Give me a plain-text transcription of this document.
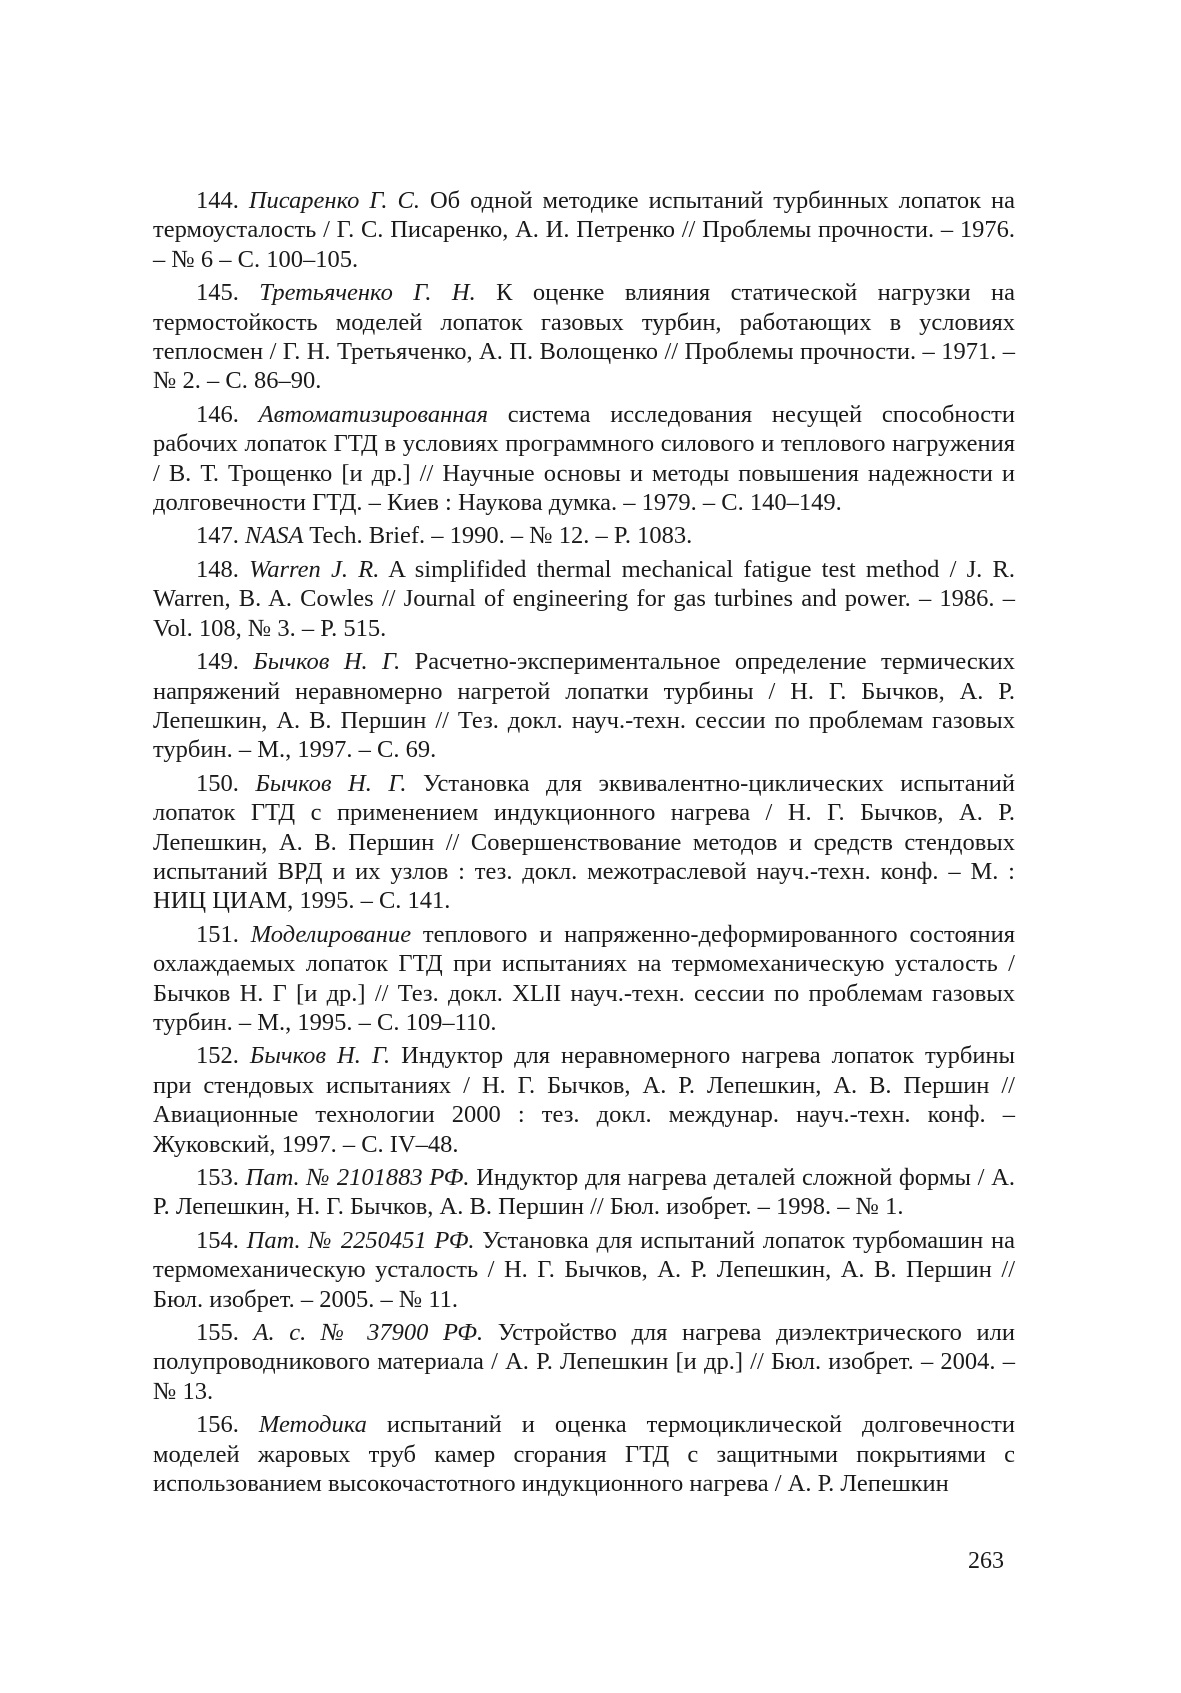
144. Писаренко Г. С. Об одной методике испытаний турбинных лопаток на термоусталость / Г. С. Писаренко, А. И. Петренко // Проблемы прочности. – 1976. – № 6 – С. 100–105.

145. Третьяченко Г. Н. К оценке влияния статической нагрузки на термостойкость моделей лопаток газовых турбин, работающих в условиях теплосмен / Г. Н. Третьяченко, А. П. Волощенко // Проблемы прочности. – 1971. – № 2. – С. 86–90.

146. Автоматизированная система исследования несущей способности рабочих лопаток ГТД в условиях программного силового и теплового нагружения / В. Т. Трощенко [и др.] // Научные основы и методы повышения надежности и долговечности ГТД. – Киев : Наукова думка. – 1979. – С. 140–149.

147. NASA Tech. Brief. – 1990. – № 12. – P. 1083.

148. Warren J. R. A simplifided thermal mechanical fatigue test method / J. R. Warren, B. A. Cowles // Journal of engineering for gas turbines and power. – 1986. – Vol. 108, № 3. – P. 515.

149. Бычков Н. Г. Расчетно-экспериментальное определение термических напряжений неравномерно нагретой лопатки турбины / Н. Г. Бычков, А. Р. Лепешкин, А. В. Першин // Тез. докл. науч.-техн. сессии по проблемам газовых турбин. – М., 1997. – С. 69.

150. Бычков Н. Г. Установка для эквивалентно-циклических испытаний лопаток ГТД с применением индукционного нагрева / Н. Г. Бычков, А. Р. Лепешкин, А. В. Першин // Совершенствование методов и средств стендовых испытаний ВРД и их узлов : тез. докл. межотраслевой науч.-техн. конф. – М. : НИЦ ЦИАМ, 1995. – С. 141.

151. Моделирование теплового и напряженно-деформированного состояния охлаждаемых лопаток ГТД при испытаниях на термомеханическую усталость / Бычков Н. Г [и др.] // Тез. докл. XLII науч.-техн. сессии по проблемам газовых турбин. – М., 1995. – С. 109–110.

152. Бычков Н. Г. Индуктор для неравномерного нагрева лопаток турбины при стендовых испытаниях / Н. Г. Бычков, А. Р. Лепешкин, А. В. Першин // Авиационные технологии 2000 : тез. докл. междунар. науч.-техн. конф. – Жуковский, 1997. – С. IV–48.

153. Пат. № 2101883 РФ. Индуктор для нагрева деталей сложной формы / А. Р. Лепешкин, Н. Г. Бычков, А. В. Першин // Бюл. изобрет. – 1998. – № 1.

154. Пат. № 2250451 РФ. Установка для испытаний лопаток турбомашин на термомеханическую усталость / Н. Г. Бычков, А. Р. Лепешкин, А. В. Першин // Бюл. изобрет. – 2005. – № 11.

155. А. с. № 37900 РФ. Устройство для нагрева диэлектрического или полупроводникового материала / А. Р. Лепешкин [и др.] // Бюл. изобрет. – 2004. – № 13.

156. Методика испытаний и оценка термоциклической долговечности моделей жаровых труб камер сгорания ГТД с защитными покрытиями с использованием высокочастотного индукционного нагрева / А. Р. Лепешкин

263
